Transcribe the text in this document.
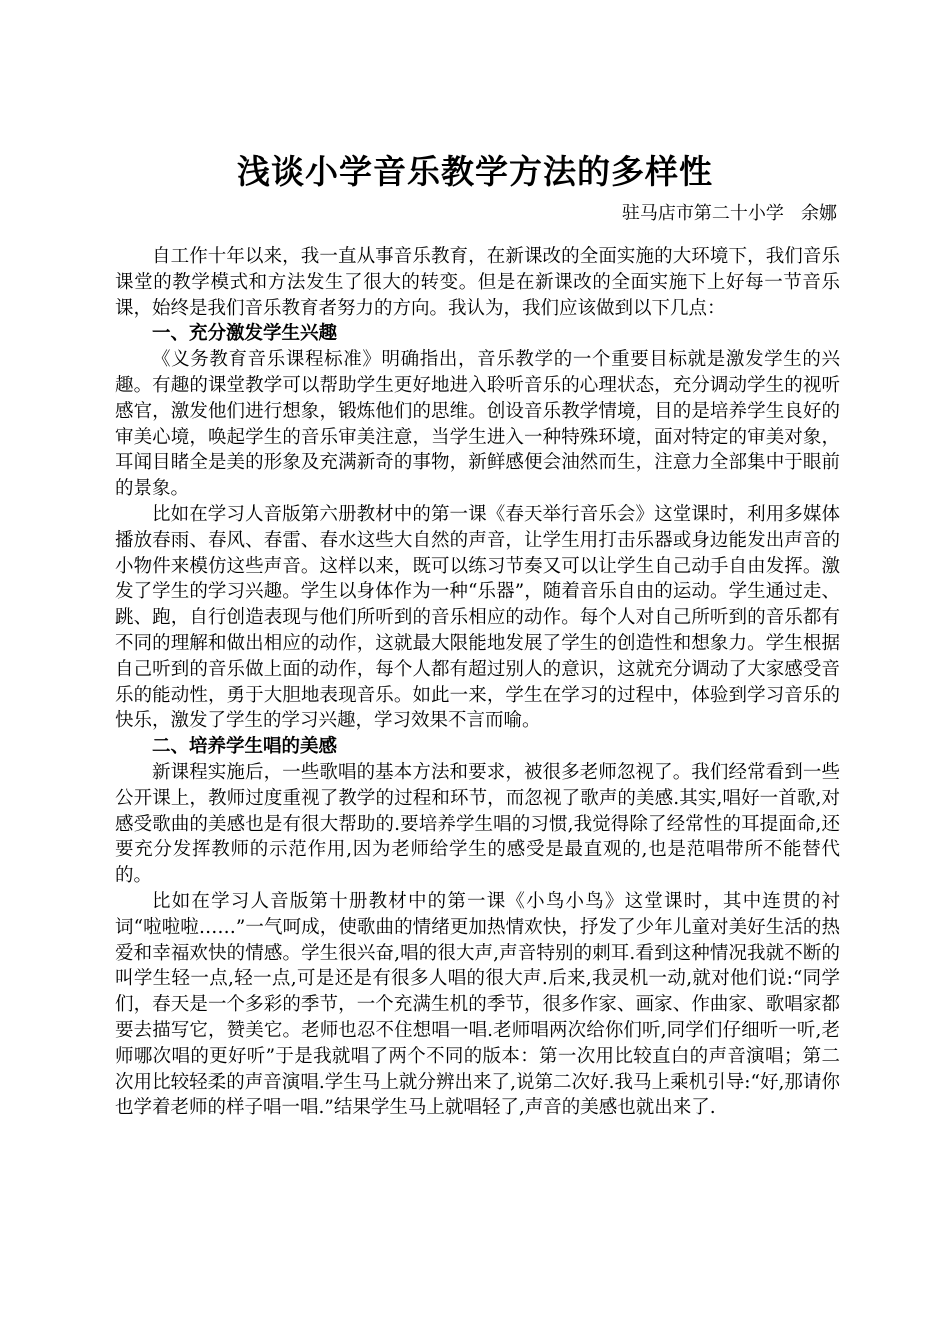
浅谈小学音乐教学方法的多样性
驻马店市第二十小学   余娜

自工作十年以来，我一直从事音乐教育，在新课改的全面实施的大环境下，我们音乐课堂的教学模式和方法发生了很大的转变。但是在新课改的全面实施下上好每一节音乐课，始终是我们音乐教育者努力的方向。我认为，我们应该做到以下几点：

一、充分激发学生兴趣

《义务教育音乐课程标准》明确指出，音乐教学的一个重要目标就是激发学生的兴趣。有趣的课堂教学可以帮助学生更好地进入聆听音乐的心理状态，充分调动学生的视听感官，激发他们进行想象，锻炼他们的思维。创设音乐教学情境，目的是培养学生良好的审美心境，唤起学生的音乐审美注意，当学生进入一种特殊环境，面对特定的审美对象，耳闻目睹全是美的形象及充满新奇的事物，新鲜感便会油然而生，注意力全部集中于眼前的景象。

比如在学习人音版第六册教材中的第一课《春天举行音乐会》这堂课时，利用多媒体播放春雨、春风、春雷、春水这些大自然的声音，让学生用打击乐器或身边能发出声音的小物件来模仿这些声音。这样以来，既可以练习节奏又可以让学生自己动手自由发挥。激发了学生的学习兴趣。学生以身体作为一种“乐器”，随着音乐自由的运动。学生通过走、跳、跑，自行创造表现与他们所听到的音乐相应的动作。每个人对自己所听到的音乐都有不同的理解和做出相应的动作，这就最大限能地发展了学生的创造性和想象力。学生根据自己听到的音乐做上面的动作，每个人都有超过别人的意识，这就充分调动了大家感受音乐的能动性，勇于大胆地表现音乐。如此一来，学生在学习的过程中，体验到学习音乐的快乐，激发了学生的学习兴趣，学习效果不言而喻。

二、培养学生唱的美感

新课程实施后，一些歌唱的基本方法和要求，被很多老师忽视了。我们经常看到一些公开课上，教师过度重视了教学的过程和环节，而忽视了歌声的美感.其实,唱好一首歌,对感受歌曲的美感也是有很大帮助的.要培养学生唱的习惯,我觉得除了经常性的耳提面命,还要充分发挥教师的示范作用,因为老师给学生的感受是最直观的,也是范唱带所不能替代的。

比如在学习人音版第十册教材中的第一课《小鸟小鸟》这堂课时，其中连贯的衬词“啦啦啦……”一气呵成，使歌曲的情绪更加热情欢快，抒发了少年儿童对美好生活的热爱和幸福欢快的情感。学生很兴奋,唱的很大声,声音特别的刺耳.看到这种情况我就不断的叫学生轻一点,轻一点,可是还是有很多人唱的很大声.后来,我灵机一动,就对他们说:“同学们，春天是一个多彩的季节，一个充满生机的季节，很多作家、画家、作曲家、歌唱家都要去描写它，赞美它。老师也忍不住想唱一唱.老师唱两次给你们听,同学们仔细听一听,老师哪次唱的更好听”于是我就唱了两个不同的版本：第一次用比较直白的声音演唱；第二次用比较轻柔的声音演唱.学生马上就分辨出来了,说第二次好.我马上乘机引导:“好,那请你也学着老师的样子唱一唱.”结果学生马上就唱轻了,声音的美感也就出来了.
